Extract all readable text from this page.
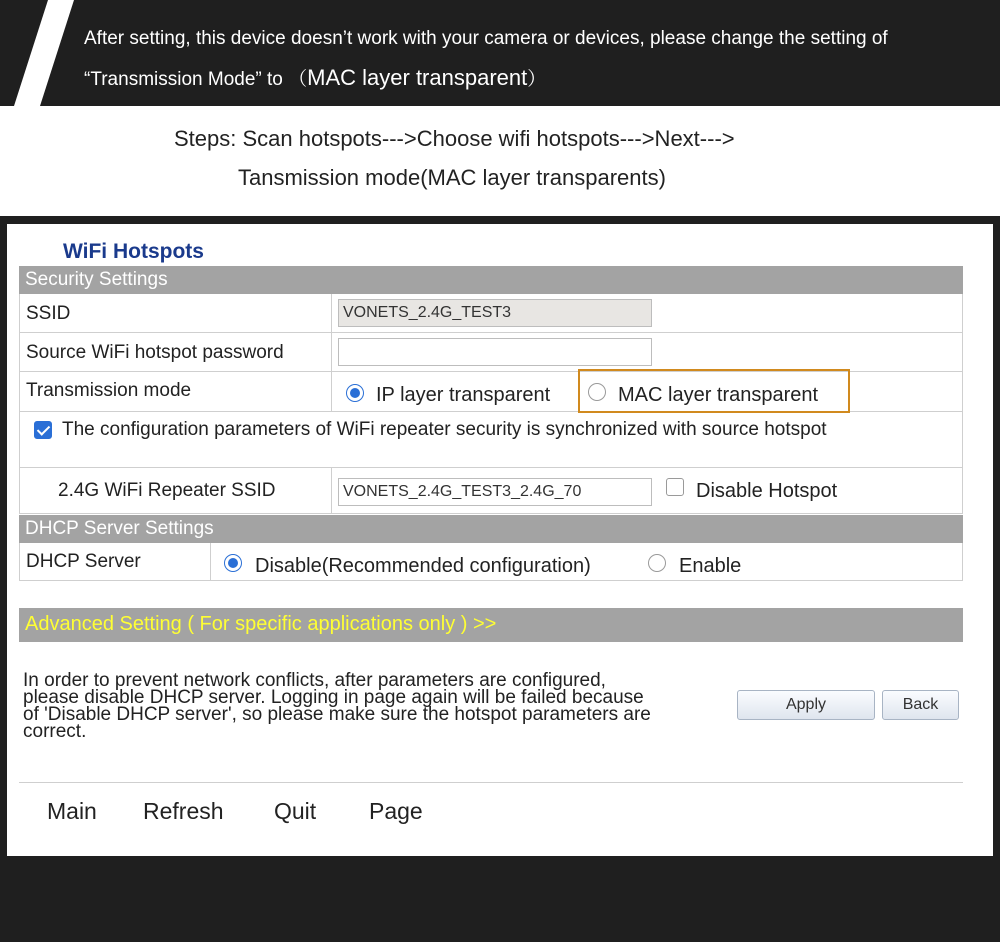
After setting, this device doesn’t work with your camera or devices, please change the setting of
“Transmission Mode” to （MAC layer transparent）
Steps: Scan hotspots--->Choose wifi hotspots--->Next--->
Tansmission mode(MAC layer transparents)
WiFi Hotspots
Security Settings
SSID	VONETS_2.4G_TEST3
Source WiFi hotspot password
Transmission mode	IP layer transparent	MAC layer transparent
The configuration parameters of WiFi repeater security is synchronized with source hotspot
2.4G WiFi Repeater SSID	VONETS_2.4G_TEST3_2.4G_70	Disable Hotspot
DHCP Server Settings
DHCP Server	Disable(Recommended configuration)	Enable
Advanced Setting ( For specific applications only ) >>
In order to prevent network conflicts, after parameters are configured, please disable DHCP server. Logging in page again will be failed because of 'Disable DHCP server', so please make sure the hotspot parameters are correct.
Apply	Back
Main Refresh Quit Page
